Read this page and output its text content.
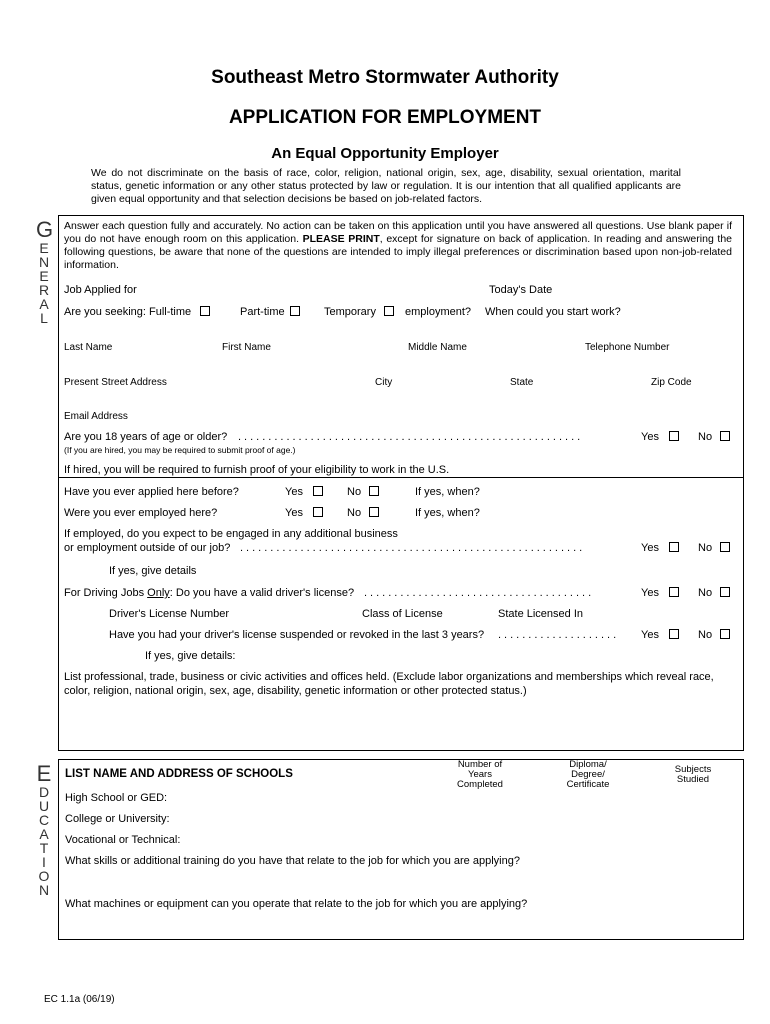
Southeast Metro Stormwater Authority
APPLICATION FOR EMPLOYMENT
An Equal Opportunity Employer
We do not discriminate on the basis of race, color, religion, national origin, sex, age, disability, sexual orientation, marital status, genetic information or any other status protected by law or regulation. It is our intention that all qualified applicants are given equal opportunity and that selection decisions be based on job-related factors.
G
E
N
E
R
A
L
Answer each question fully and accurately. No action can be taken on this application until you have answered all questions. Use blank paper if you do not have enough room on this application. PLEASE PRINT, except for signature on back of application. In reading and answering the following questions, be aware that none of the questions are intended to imply illegal preferences or discrimination based upon non-job-related information.
Job Applied for	Today's Date
Are you seeking: Full-time	Part-time	Temporary	employment? When could you start work?
Last Name	First Name	Middle Name	Telephone Number
Present Street Address	City	State	Zip Code
Email Address
Are you 18 years of age or older? .........................................................	Yes	No
(If you are hired, you may be required to submit proof of age.)
If hired, you will be required to furnish proof of your eligibility to work in the U.S.
Have you ever applied here before?	Yes	No	If yes, when?
Were you ever employed here?	Yes	No	If yes, when?
If employed, do you expect to be engaged in any additional business
or employment outside of our job? .........................................................	Yes	No
If yes, give details
For Driving Jobs Only: Do you have a valid driver's license? ......................................	Yes	No
Driver's License Number	Class of License	State Licensed In
Have you had your driver's license suspended or revoked in the last 3 years? .................... Yes	No
If yes, give details:
List professional, trade, business or civic activities and offices held. (Exclude labor organizations and memberships which reveal race, color, religion, national origin, sex, age, disability, genetic information or other protected status.)
E
D
U
C
A
T
I
O
N
LIST NAME AND ADDRESS OF SCHOOLS
Number of Years Completed
Diploma/ Degree/ Certificate
Subjects Studied
High School or GED:
College or University:
Vocational or Technical:
What skills or additional training do you have that relate to the job for which you are applying?
What machines or equipment can you operate that relate to the job for which you are applying?
EC 1.1a (06/19)
